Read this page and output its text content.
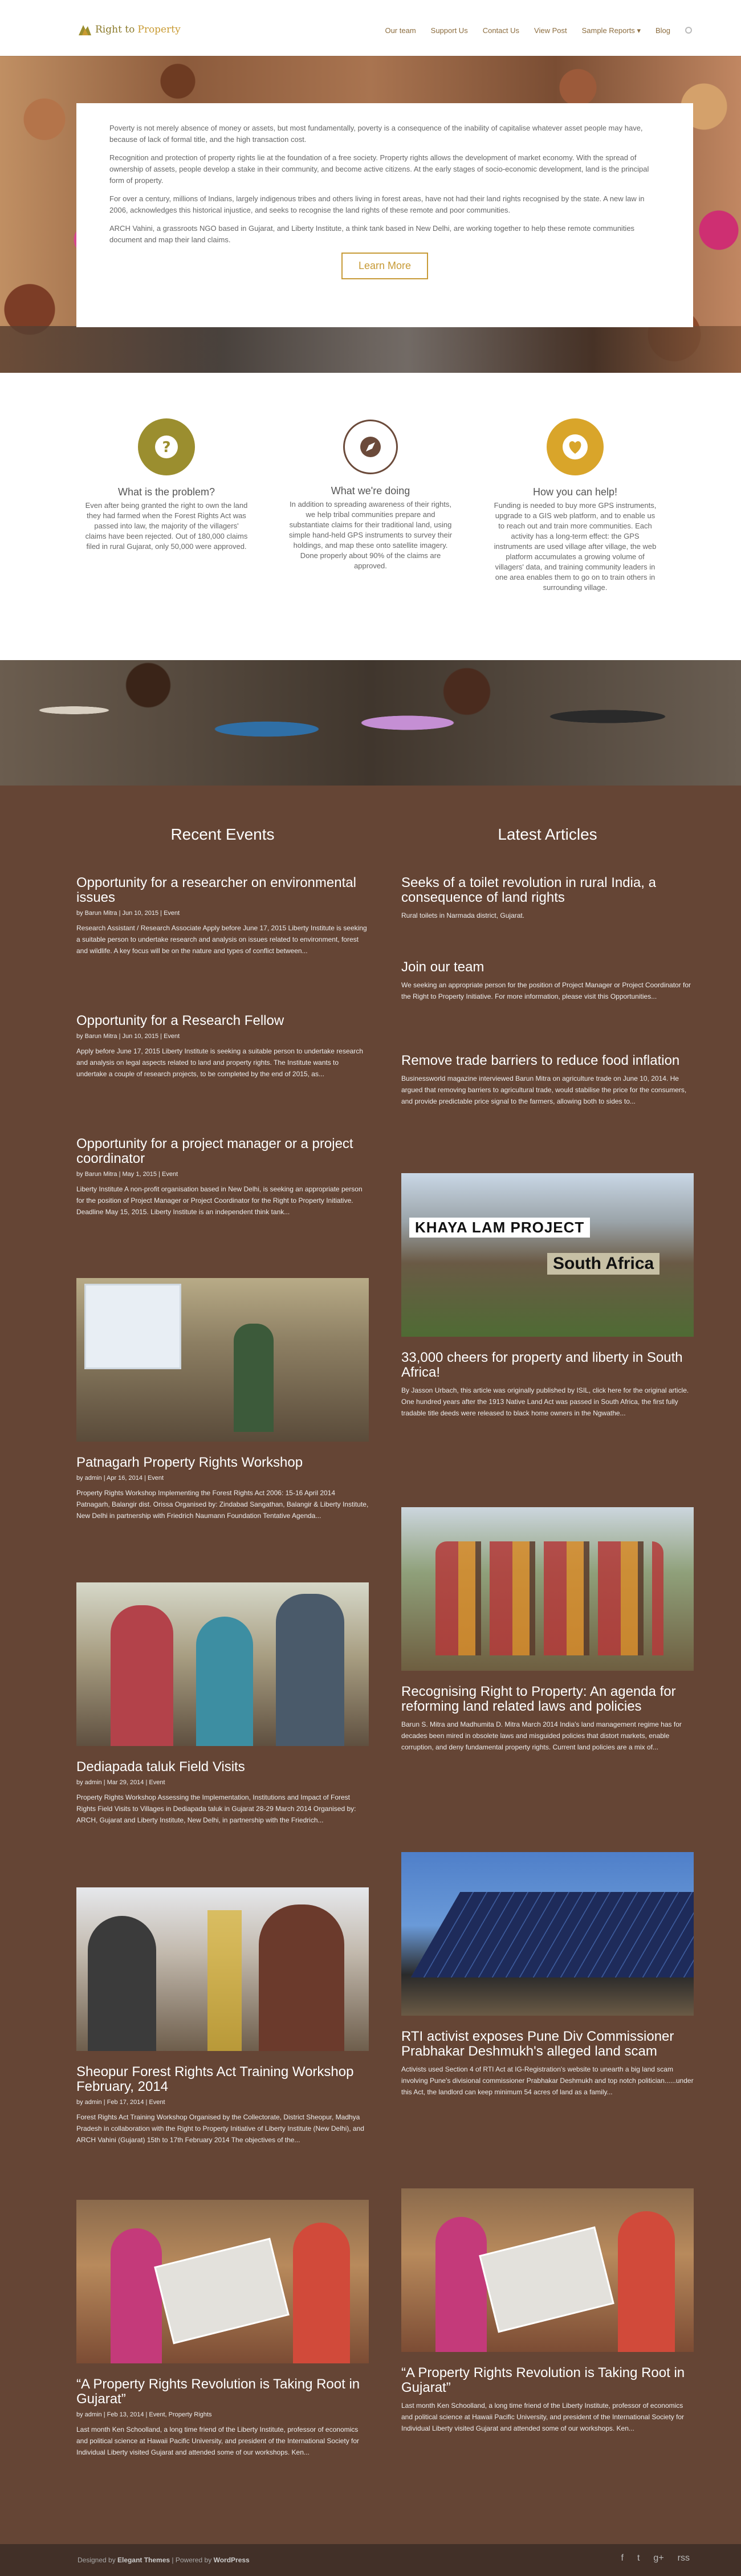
Right to Property	Our team Support Us Contact Us View Post Sample Reports ▾ Blog

Poverty is not merely absence of money or assets, but most fundamentally, poverty is a consequence of the inability of capitalise whatever asset people may have, because of lack of formal title, and the high transaction cost.

Recognition and protection of property rights lie at the foundation of a free society. Property rights allows the development of market economy. With the spread of ownership of assets, people develop a stake in their community, and become active citizens. At the early stages of socio-economic development, land is the principal form of property.

For over a century, millions of Indians, largely indigenous tribes and others living in forest areas, have not had their land rights recognised by the state. A new law in 2006, acknowledges this historical injustice, and seeks to recognise the land rights of these remote and poor communities.

ARCH Vahini, a grassroots NGO based in Gujarat, and Liberty Institute, a think tank based in New Delhi, are working together to help these remote communities document and map their land claims.

Learn More
?
What is the problem?

Even after being granted the right to own the land they had farmed when the Forest Rights Act was passed into law, the majority of the villagers' claims have been rejected. Out of 180,000 claims filed in rural Gujarat, only 50,000 were approved.

What we're doing

In addition to spreading awareness of their rights, we help tribal communities prepare and substantiate claims for their traditional land, using simple hand-held GPS instruments to survey their holdings, and map these onto satellite imagery. Done properly about 90% of the claims are approved.

How you can help!

Funding is needed to buy more GPS instruments, upgrade to a GIS web platform, and to enable us to reach out and train more communities. Each activity has a long-term effect: the GPS instruments are used village after village, the web platform accumulates a growing volume of villagers' data, and training community leaders in one area enables them to go on to train others in surrounding village.

Recent Events	Latest Articles
Opportunity for a researcher on environmental issues
by Barun Mitra | Jun 10, 2015 | Event
Research Assistant / Research Associate Apply before June 17, 2015 Liberty Institute is seeking a suitable person to undertake research and analysis on issues related to environment, forest and wildlife. A key focus will be on the nature and types of conflict between...
Opportunity for a Research Fellow
by Barun Mitra | Jun 10, 2015 | Event
Apply before June 17, 2015 Liberty Institute is seeking a suitable person to undertake research and analysis on legal aspects related to land and property rights. The Institute wants to undertake a couple of research projects, to be completed by the end of 2015, as...
Opportunity for a project manager or a project coordinator
by Barun Mitra | May 1, 2015 | Event
Liberty Institute A non-profit organisation based in New Delhi, is seeking an appropriate person for the position of Project Manager or Project Coordinator for the Right to Property Initiative. Deadline May 15, 2015. Liberty Institute is an independent think tank...
Patnagarh Property Rights Workshop
by admin | Apr 16, 2014 | Event
Property Rights Workshop Implementing the Forest Rights Act 2006: 15-16 April 2014 Patnagarh, Balangir dist. Orissa Organised by: Zindabad Sangathan, Balangir & Liberty Institute, New Delhi in partnership with Friedrich Naumann Foundation Tentative Agenda...
Dediapada taluk Field Visits
by admin | Mar 29, 2014 | Event
Property Rights Workshop Assessing the Implementation, Institutions and Impact of Forest Rights Field Visits to Villages in Dediapada taluk in Gujarat 28-29 March 2014 Organised by: ARCH, Gujarat and Liberty Institute, New Delhi, in partnership with the Friedrich...
Sheopur Forest Rights Act Training Workshop February, 2014
by admin | Feb 17, 2014 | Event
Forest Rights Act Training Workshop Organised by the Collectorate, District Sheopur, Madhya Pradesh in collaboration with the Right to Property Initiative of Liberty Institute (New Delhi), and ARCH Vahini (Gujarat) 15th to 17th February 2014 The objectives of the...
“A Property Rights Revolution is Taking Root in Gujarat”
by admin | Feb 13, 2014 | Event, Property Rights
Last month Ken Schoolland, a long time friend of the Liberty Institute, professor of economics and political science at Hawaii Pacific University, and president of the International Society for Individual Liberty visited Gujarat and attended some of our workshops. Ken...
Seeks of a toilet revolution in rural India, a consequence of land rights
Rural toilets in Narmada district, Gujarat.
Join our team
We seeking an appropriate person for the position of Project Manager or Project Coordinator for the Right to Property Initiative. For more information, please visit this Opportunities...
Remove trade barriers to reduce food inflation
Businessworld magazine interviewed Barun Mitra on agriculture trade on June 10, 2014. He argued that removing barriers to agricultural trade, would stabilise the price for the consumers, and provide predictable price signal to the farmers, allowing both to sides to...
KHAYA LAM PROJECT
South Africa
33,000 cheers for property and liberty in South Africa!
By Jasson Urbach, this article was originally published by ISIL, click here for the original article. One hundred years after the 1913 Native Land Act was passed in South Africa, the first fully tradable title deeds were released to black home owners in the Ngwathe...
Recognising Right to Property: An agenda for reforming land related laws and policies
Barun S. Mitra and Madhumita D. Mitra March 2014 India's land management regime has for decades been mired in obsolete laws and misguided policies that distort markets, enable corruption, and deny fundamental property rights. Current land policies are a mix of...
RTI activist exposes Pune Div Commissioner Prabhakar Deshmukh's alleged land scam
Activists used Section 4 of RTI Act at IG-Registration's website to unearth a big land scam involving Pune's divisional commissioner Prabhakar Deshmukh and top notch politician......under this Act, the landlord can keep minimum 54 acres of land as a family...
“A Property Rights Revolution is Taking Root in Gujarat”
Last month Ken Schoolland, a long time friend of the Liberty Institute, professor of economics and political science at Hawaii Pacific University, and president of the International Society for Individual Liberty visited Gujarat and attended some of our workshops. Ken...
Designed by Elegant Themes | Powered by WordPress	f t g+ rss
